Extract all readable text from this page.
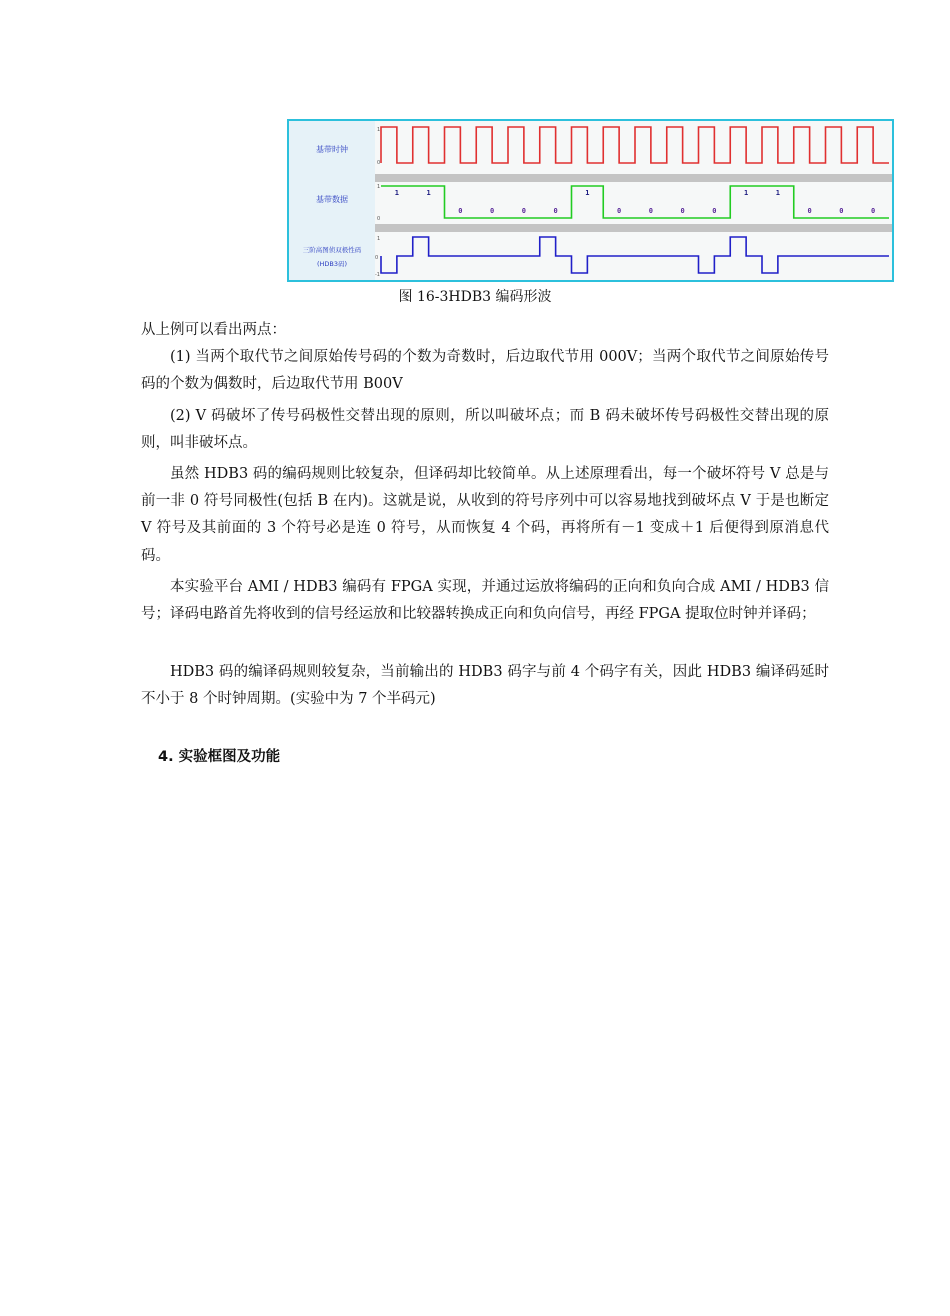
基带时钟
基带数据
三阶高图侦双极性码
(HDB3码)
1
0
1
0
1
0
-1
1	1
0	0	0	0
1
0	0	0	0
1	1
0	0	0
图 16-3HDB3 编码形波

从上例可以看出两点：

(1) 当两个取代节之间原始传号码的个数为奇数时，后边取代节用 000V；当两个取代节之间原始传号码的个数为偶数时，后边取代节用 B00V

(2) V 码破坏了传号码极性交替出现的原则，所以叫破坏点；而 B 码未破坏传号码极性交替出现的原则，叫非破坏点。

虽然 HDB3 码的编码规则比较复杂，但译码却比较简单。从上述原理看出，每一个破坏符号 V 总是与前一非 0 符号同极性(包括 B 在内)。这就是说，从收到的符号序列中可以容易地找到破坏点 V 于是也断定 V 符号及其前面的 3 个符号必是连 0 符号，从而恢复 4 个码，再将所有－1 变成＋1 后便得到原消息代码。

本实验平台 AMI / HDB3 编码有 FPGA 实现，并通过运放将编码的正向和负向合成 AMI / HDB3 信号；译码电路首先将收到的信号经运放和比较器转换成正向和负向信号，再经 FPGA 提取位时钟并译码；

HDB3 码的编译码规则较复杂，当前输出的 HDB3 码字与前 4 个码字有关，因此 HDB3 编译码延时不小于 8 个时钟周期。(实验中为 7 个半码元)

4. 实验框图及功能
